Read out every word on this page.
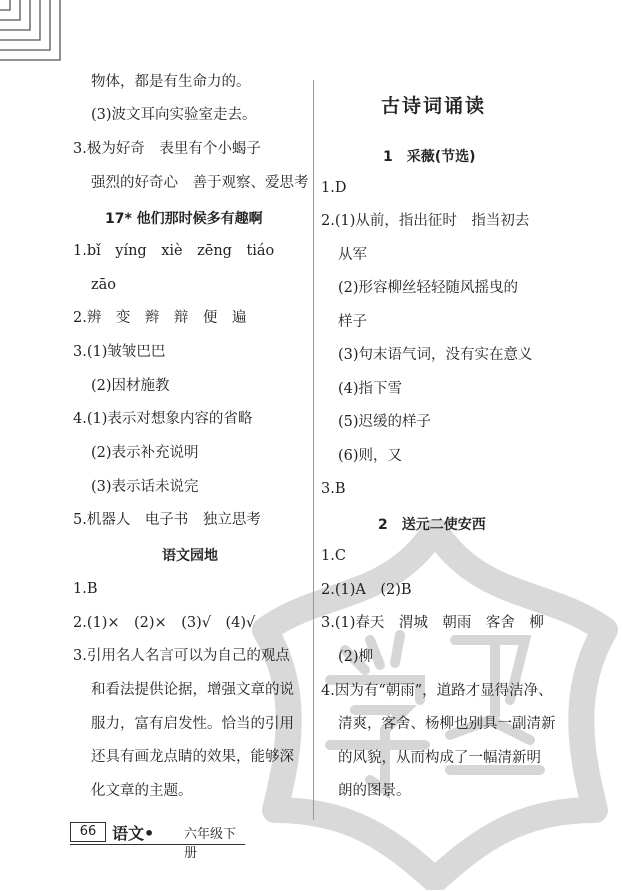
物体，都是有生命力的。
(3)波文耳向实验室走去。
3.极为好奇　表里有个小蝎子
强烈的好奇心　善于观察、爱思考
17* 他们那时候多有趣啊
1.bǐ　yíng　xiè　zēng　tiáo
zāo
2.辨　变　辫　辩　便　遍
3.(1)皱皱巴巴
(2)因材施教
4.(1)表示对想象内容的省略
(2)表示补充说明
(3)表示话未说完
5.机器人　电子书　独立思考
语文园地
1.B
2.(1)×　(2)×　(3)√　(4)√
3.引用名人名言可以为自己的观点
和看法提供论据，增强文章的说
服力，富有启发性。恰当的引用
还具有画龙点睛的效果，能够深
化文章的主题。
古诗词诵读
1　采薇(节选)
1.D
2.(1)从前，指出征时　指当初去
从军
(2)形容柳丝轻轻随风摇曳的
样子
(3)句末语气词，没有实在意义
(4)指下雪
(5)迟缓的样子
(6)则，又
3.B
2　送元二使安西
1.C
2.(1)A　(2)B
3.(1)春天　渭城　朝雨　客舍　柳
(2)柳
4.因为有“朝雨”，道路才显得洁净、
清爽，客舍、杨柳也别具一副清新
的风貌，从而构成了一幅清新明
朗的图景。
66 语文• 六年级下册
